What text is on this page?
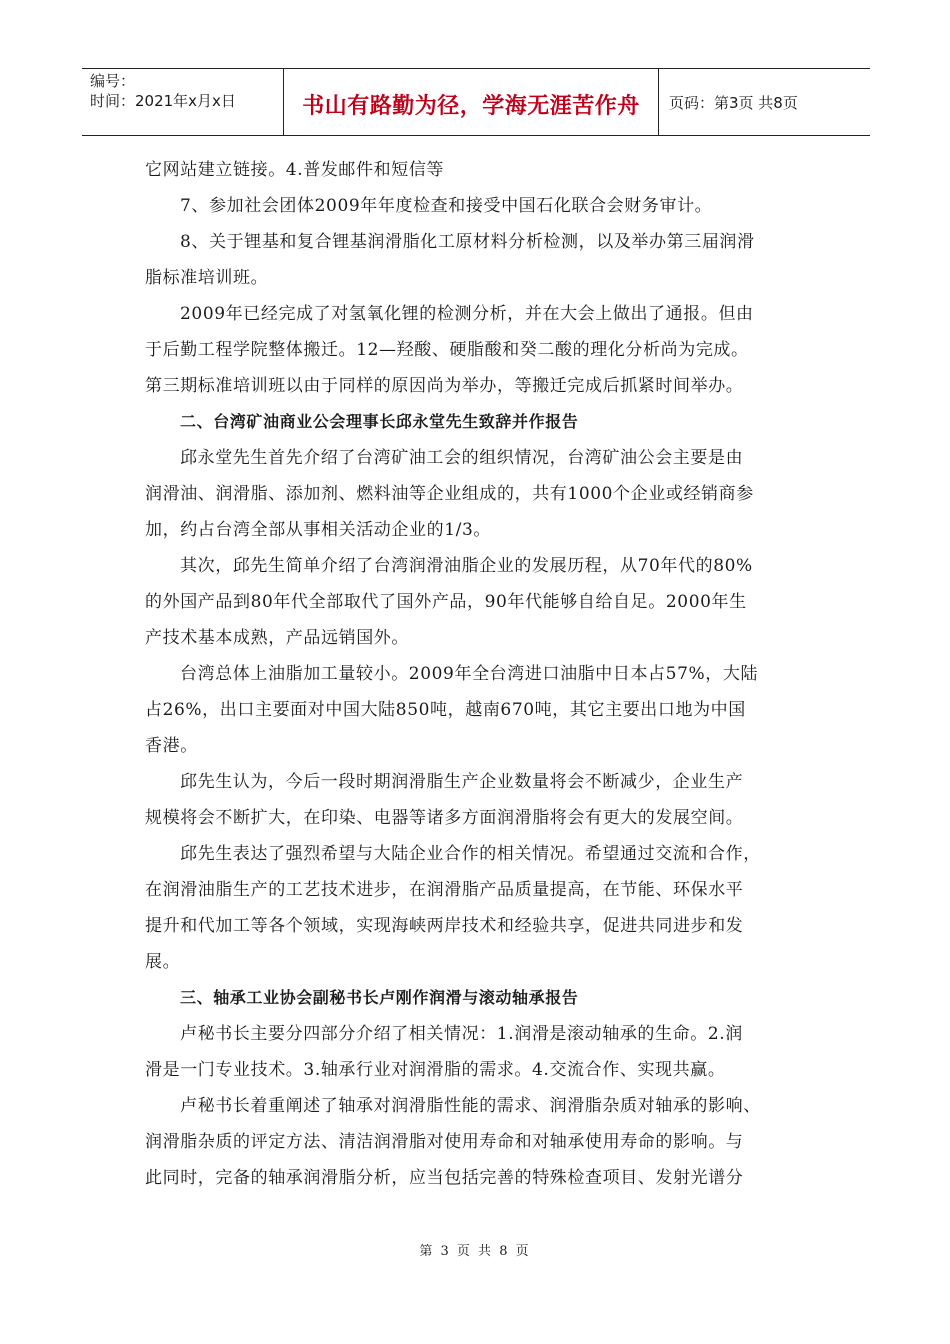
编号：
时间：2021年x月x日	书山有路勤为径，学海无涯苦作舟	页码：第3页 共8页
它网站建立链接。4.普发邮件和短信等
7、参加社会团体2009年年度检查和接受中国石化联合会财务审计。
8、关于锂基和复合锂基润滑脂化工原材料分析检测，以及举办第三届润滑
脂标准培训班。
2009年已经完成了对氢氧化锂的检测分析，并在大会上做出了通报。但由
于后勤工程学院整体搬迁。12—羟酸、硬脂酸和癸二酸的理化分析尚为完成。
第三期标准培训班以由于同样的原因尚为举办，等搬迁完成后抓紧时间举办。
二、台湾矿油商业公会理事长邱永堂先生致辞并作报告
邱永堂先生首先介绍了台湾矿油工会的组织情况，台湾矿油公会主要是由
润滑油、润滑脂、添加剂、燃料油等企业组成的，共有1000个企业或经销商参
加，约占台湾全部从事相关活动企业的1/3。
其次，邱先生简单介绍了台湾润滑油脂企业的发展历程，从70年代的80%
的外国产品到80年代全部取代了国外产品，90年代能够自给自足。2000年生
产技术基本成熟，产品远销国外。
台湾总体上油脂加工量较小。2009年全台湾进口油脂中日本占57%，大陆
占26%，出口主要面对中国大陆850吨，越南670吨，其它主要出口地为中国
香港。
邱先生认为，今后一段时期润滑脂生产企业数量将会不断减少，企业生产
规模将会不断扩大，在印染、电器等诸多方面润滑脂将会有更大的发展空间。
邱先生表达了强烈希望与大陆企业合作的相关情况。希望通过交流和合作，
在润滑油脂生产的工艺技术进步，在润滑脂产品质量提高，在节能、环保水平
提升和代加工等各个领域，实现海峡两岸技术和经验共享，促进共同进步和发
展。
三、轴承工业协会副秘书长卢刚作润滑与滚动轴承报告
卢秘书长主要分四部分介绍了相关情况：1.润滑是滚动轴承的生命。2.润
滑是一门专业技术。3.轴承行业对润滑脂的需求。4.交流合作、实现共赢。
卢秘书长着重阐述了轴承对润滑脂性能的需求、润滑脂杂质对轴承的影响、
润滑脂杂质的评定方法、清洁润滑脂对使用寿命和对轴承使用寿命的影响。与
此同时，完备的轴承润滑脂分析，应当包括完善的特殊检查项目、发射光谱分
第 3 页 共 8 页
